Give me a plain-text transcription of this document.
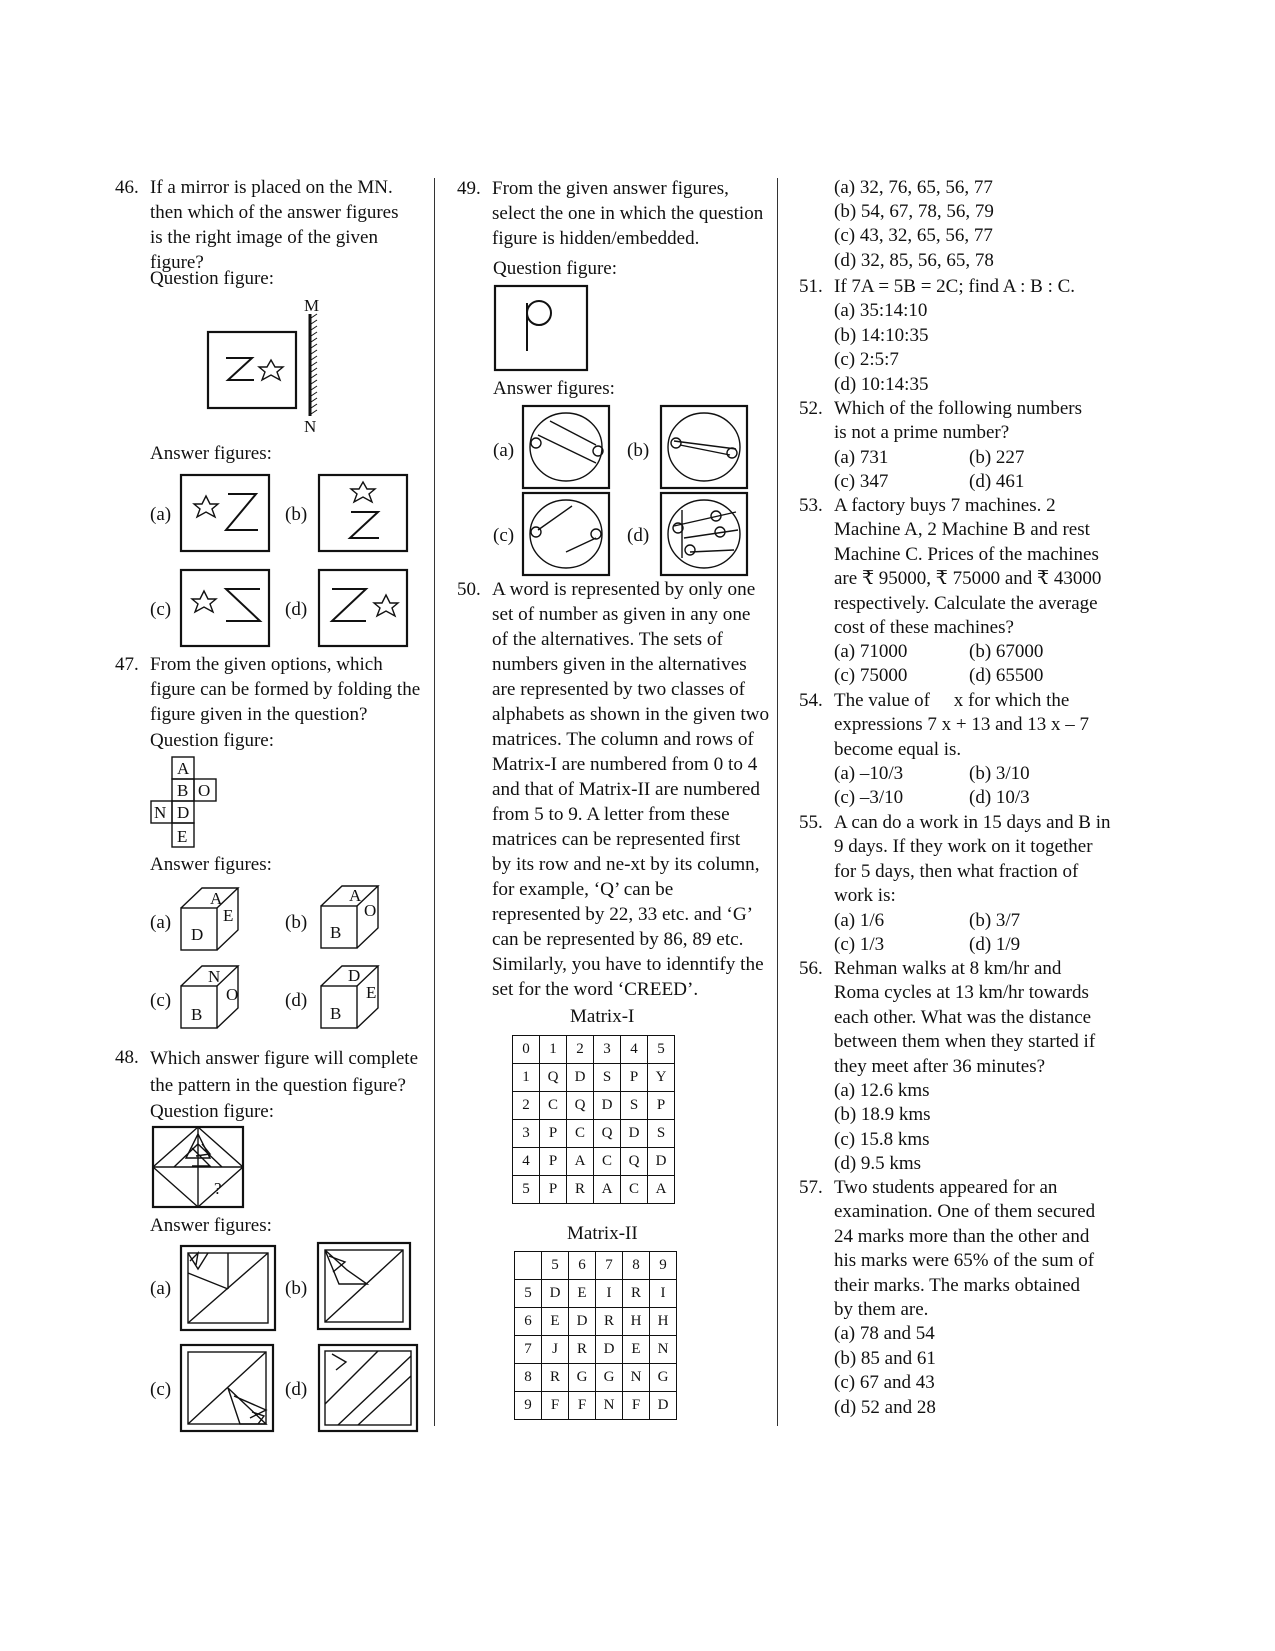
46. If a mirror is placed on the MN.
then which of the answer figures
is the right image of the given
figure?
Question figure:
M
N
Answer figures:
(a)	(b)
(c)	(d)
47. From the given options, which
figure can be formed by folding the
figure given in the question?
Question figure:
A
B O
N D
E
Answer figures:
(a)
D
A
E	(b) B
A
O
(c)
B
N
O (d)
B
D
E
48. Which answer figure will complete
the pattern in the question figure?
Question figure:
?
Answer figures:
(a)	(b)
(c)	(d)
49. From the given answer figures,
select the one in which the question
figure is hidden/embedded.
Question figure:
Answer figures:
(a)	(b)
(c)	(d)
50. A word is represented by only one
set of number as given in any one
of the alternatives. The sets of
numbers given in the alternatives
are represented by two classes of
alphabets as shown in the given two
matrices. The column and rows of
Matrix-I are numbered from 0 to 4
and that of Matrix-II are numbered
from 5 to 9. A letter from these
matrices can be represented first
by its row and ne-xt by its column,
for example, ‘Q’ can be
represented by 22, 33 etc. and ‘G’
can be represented by 86, 89 etc.
Similarly, you have to idenntify the
set for the word ‘CREED’.
Matrix-I
0	1	2	3	4	5
1	Q	D	S	P	Y
2	C	Q	D	S	P
3	P	C	Q	D	S
4	P	A	C	Q	D
5	P	R	A	C	A
Matrix-II
	5	6	7	8	9
5	D	E	I	R	I
6	E	D	R	H	H
7	J	R	D	E	N
8	R	G	G	N	G
9	F	F	N	F	D
(a) 32, 76, 65, 56, 77
(b) 54, 67, 78, 56, 79
(c) 43, 32, 65, 56, 77
(d) 32, 85, 56, 65, 78
51. If 7A = 5B = 2C; find A : B : C.
(a) 35:14:10
(b) 14:10:35
(c) 2:5:7
(d) 10:14:35
52. Which of the following numbers
is not a prime number?
(a) 731	(b) 227
(c) 347	(d) 461
53. A factory buys 7 machines. 2
Machine A, 2 Machine B and rest
Machine C. Prices of the machines
are ₹ 95000, ₹ 75000 and ₹ 43000
respectively. Calculate the average
cost of these machines?
(a) 71000	(b) 67000
(c) 75000	(d) 65500
54. The value of     x for which the
expressions 7 x + 13 and 13 x – 7
become equal is.
(a) –10/3	(b) 3/10
(c) –3/10	(d) 10/3
55. A can do a work in 15 days and B in
9 days. If they work on it together
for 5 days, then what fraction of
work is:
(a) 1/6	(b) 3/7
(c) 1/3	(d) 1/9
56. Rehman walks at 8 km/hr and
Roma cycles at 13 km/hr towards
each other. What was the distance
between them when they started if
they meet after 36 minutes?
(a) 12.6 kms
(b) 18.9 kms
(c) 15.8 kms
(d) 9.5 kms
57. Two students appeared for an
examination. One of them secured
24 marks more than the other and
his marks were 65% of the sum of
their marks. The marks obtained
by them are.
(a) 78 and 54
(b) 85 and 61
(c) 67 and 43
(d) 52 and 28
